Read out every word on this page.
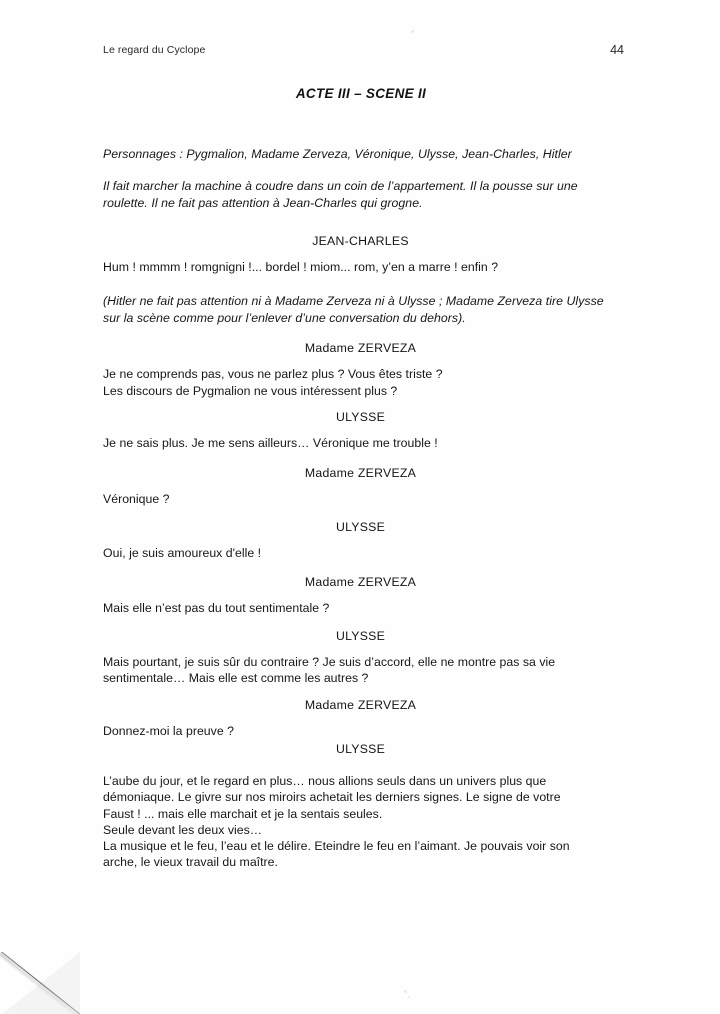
Le regard du Cyclope	44
ACTE III – SCENE II

Personnages : Pygmalion, Madame Zerveza, Véronique, Ulysse, Jean-Charles, Hitler

Il fait marcher la machine à coudre dans un coin de l’appartement. Il la pousse sur une roulette. Il ne fait pas attention à Jean-Charles qui grogne.

JEAN-CHARLES

Hum ! mmmm ! romgnigni !... bordel ! miom... rom, y’en a marre ! enfin ?

(Hitler ne fait pas attention ni à Madame Zerveza ni à Ulysse ; Madame Zerveza tire Ulysse sur la scène comme pour l’enlever d’une conversation du dehors).

Madame ZERVEZA

Je ne comprends pas, vous ne parlez plus ? Vous êtes triste ?

Les discours de Pygmalion ne vous intéressent plus ?

ULYSSE

Je ne sais plus. Je me sens ailleurs… Véronique me trouble !

Madame ZERVEZA

Véronique ?

ULYSSE

Oui, je suis amoureux d'elle !

Madame ZERVEZA

Mais elle n’est pas du tout sentimentale ?

ULYSSE

Mais pourtant, je suis sûr du contraire ? Je suis d’accord, elle ne montre pas sa vie

sentimentale… Mais elle est comme les autres ?

Madame ZERVEZA

Donnez-moi la preuve ?

ULYSSE

L’aube du jour, et le regard en plus… nous allions seuls dans un univers plus que

démoniaque. Le givre sur nos miroirs achetait les derniers signes. Le signe de votre

Faust ! ... mais elle marchait et je la sentais seules.

Seule devant les deux vies…

La musique et le feu, l’eau et le délire. Eteindre le feu en l’aimant. Je pouvais voir son

arche, le vieux travail du maître.
